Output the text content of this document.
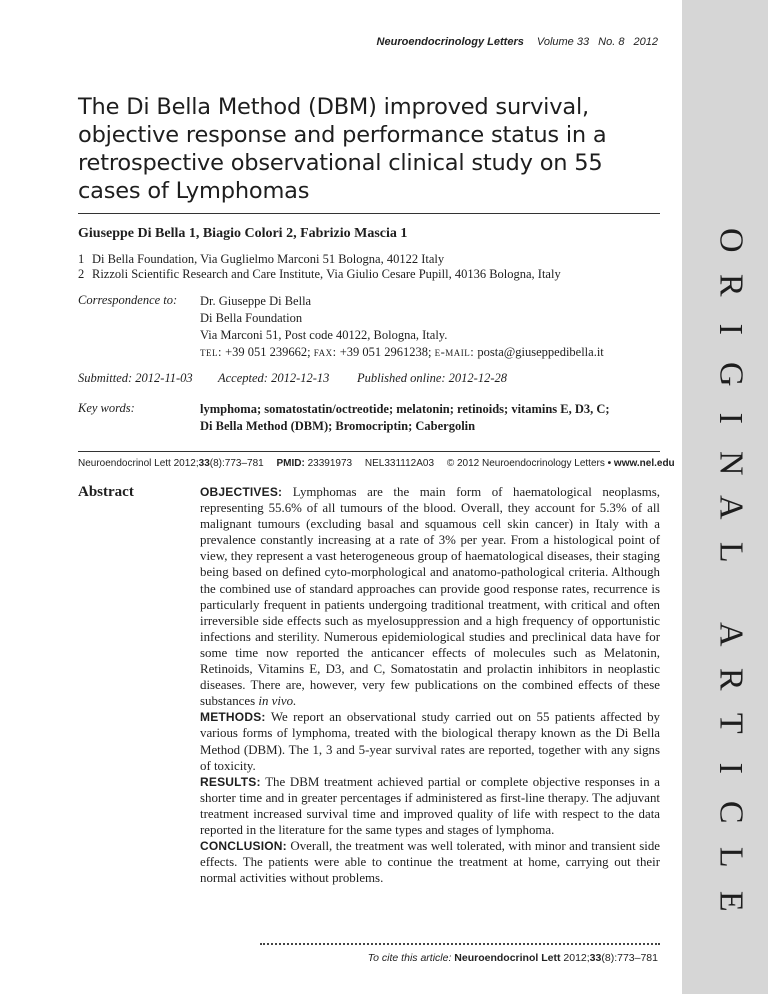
O
R
I
G
I
N
A
L
A
R
T
I
C
L
E
Neuroendocrinology Letters Volume 33 No. 8 2012
The Di Bella Method (DBM) improved survival, objective response and performance status in a retrospective observational clinical study on 55 cases of Lymphomas
Giuseppe Di Bella 1, Biagio Colori 2, Fabrizio Mascia 1
1 Di Bella Foundation, Via Guglielmo Marconi 51 Bologna, 40122 Italy
2 Rizzoli Scientific Research and Care Institute, Via Giulio Cesare Pupill, 40136 Bologna, Italy
Correspondence to: Dr. Giuseppe Di Bella
Di Bella Foundation
Via Marconi 51, Post code 40122, Bologna, Italy.
tel: +39 051 239662; fax: +39 051 2961238; e-mail: posta@giuseppedibella.it
Submitted: 2012-11-03 Accepted: 2012-12-13 Published online: 2012-12-28
Key words:	lymphoma; somatostatin/octreotide; melatonin; retinoids; vitamins E, D3, C;
Di Bella Method (DBM); Bromocriptin; Cabergolin
Neuroendocrinol Lett 2012;33(8):773–781 PMID: 23391973 NEL331112A03 © 2012 Neuroendocrinology Letters • www.nel.edu
Abstract	OBJECTIVES: Lymphomas are the main form of haematological neoplasms, representing 55.6% of all tumours of the blood. Overall, they account for 5.3% of all malignant tumours (excluding basal and squamous cell skin cancer) in Italy with a prevalence constantly increasing at a rate of 3% per year. From a histological point of view, they represent a vast heterogeneous group of haematological diseases, their staging being based on defined cyto-morphological and anatomo-pathological criteria. Although the combined use of standard approaches can provide good response rates, recurrence is particularly frequent in patients undergoing traditional treatment, with critical and often irreversible side effects such as myelosuppression and a high frequency of opportunistic infections and sterility. Numerous epidemiological studies and preclinical data have for some time now reported the anticancer effects of molecules such as Melatonin, Retinoids, Vitamins E, D3, and C, Somatostatin and prolactin inhibitors in neoplastic diseases. There are, however, very few publications on the combined effects of these substances in vivo.

METHODS: We report an observational study carried out on 55 patients affected by various forms of lymphoma, treated with the biological therapy known as the Di Bella Method (DBM). The 1, 3 and 5-year survival rates are reported, together with any signs of toxicity.

RESULTS: The DBM treatment achieved partial or complete objective responses in a shorter time and in greater percentages if administered as first-line therapy. The adjuvant treatment increased survival time and improved quality of life with respect to the data reported in the literature for the same types and stages of lymphoma.

CONCLUSION: Overall, the treatment was well tolerated, with minor and transient side effects. The patients were able to continue the treatment at home, carrying out their normal activities without problems.

To cite this article: Neuroendocrinol Lett 2012;33(8):773–781
